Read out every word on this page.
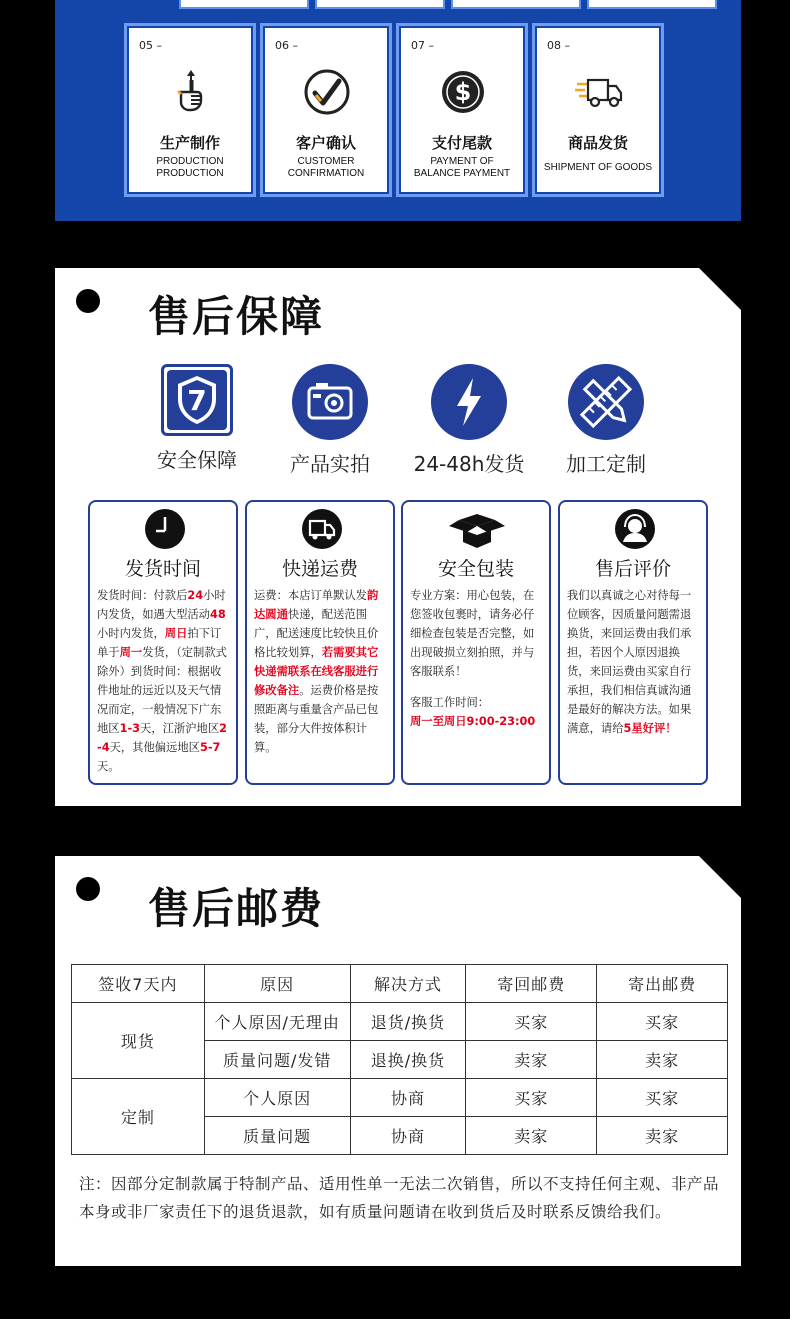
05 –
生产制作
PRODUCTION
PRODUCTION
06 –
客户确认
CUSTOMER
CONFIRMATION
07 –
$
支付尾款
PAYMENT OF
BALANCE PAYMENT
08 –
商品发货
SHIPMENT OF GOODS
售后保障
7
安全保障	产品实拍	24-48h发货	加工定制
发货时间
发货时间：付款后24小时内发货，如遇大型活动48小时内发货，周日拍下订单于周一发货，（定制款式除外）到货时间：根据收件地址的远近以及天气情况而定，一般情况下广东地区1-3天，江浙沪地区2-4天，其他偏远地区5-7天。
快递运费
运费：本店订单默认发韵达圆通快递，配送范围广，配送速度比较快且价格比较划算，若需要其它快递需联系在线客服进行修改备注。运费价格是按照距离与重量含产品已包装，部分大件按体积计算。
安全包装
专业方案：用心包装，在您签收包裹时，请务必仔细检查包装是否完整，如出现破损立刻拍照，并与客服联系！
客服工作时间：
周一至周日9:00-23:00
售后评价
我们以真诚之心对待每一位顾客，因质量问题需退换货，来回运费由我们承担，若因个人原因退换货，来回运费由买家自行承担，我们相信真诚沟通是最好的解决方法。如果满意，请给5星好评！
售后邮费
签收7天内	原因	解决方式	寄回邮费	寄出邮费
现货	个人原因/无理由	退货/换货	买家	买家
	质量问题/发错	退换/换货	卖家	卖家
定制	个人原因	协商	买家	买家
	质量问题	协商	卖家	卖家
注：因部分定制款属于特制产品、适用性单一无法二次销售，所以不支持任何主观、非产品本身或非厂家责任下的退货退款，如有质量问题请在收到货后及时联系反馈给我们。
